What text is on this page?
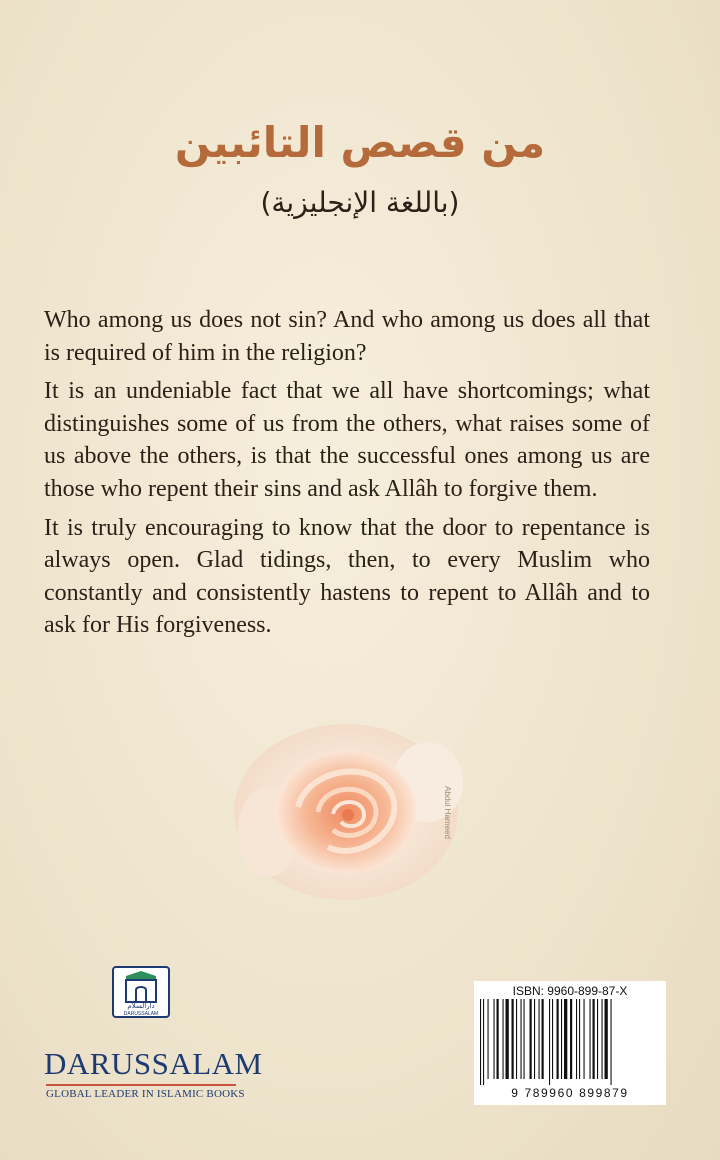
من قصص التائبين
(باللغة الإنجليزية)

Who among us does not sin? And who among us does all that is required of him in the religion?

It is an undeniable fact that we all have shortcomings; what distinguishes some of us from the others, what raises some of us above the others, is that the successful ones among us are those who repent their sins and ask Allâh to forgive them.

It is truly encouraging to know that the door to repentance is always open. Glad tidings, then, to every Muslim who constantly and consistently hastens to repent to Allâh and to ask for His forgiveness.

Abdul Hameed
دارالسلام
DARUSSALAM
DARUSSALAM
GLOBAL LEADER IN ISLAMIC BOOKS
ISBN: 9960-899-87-X
9 789960 899879
